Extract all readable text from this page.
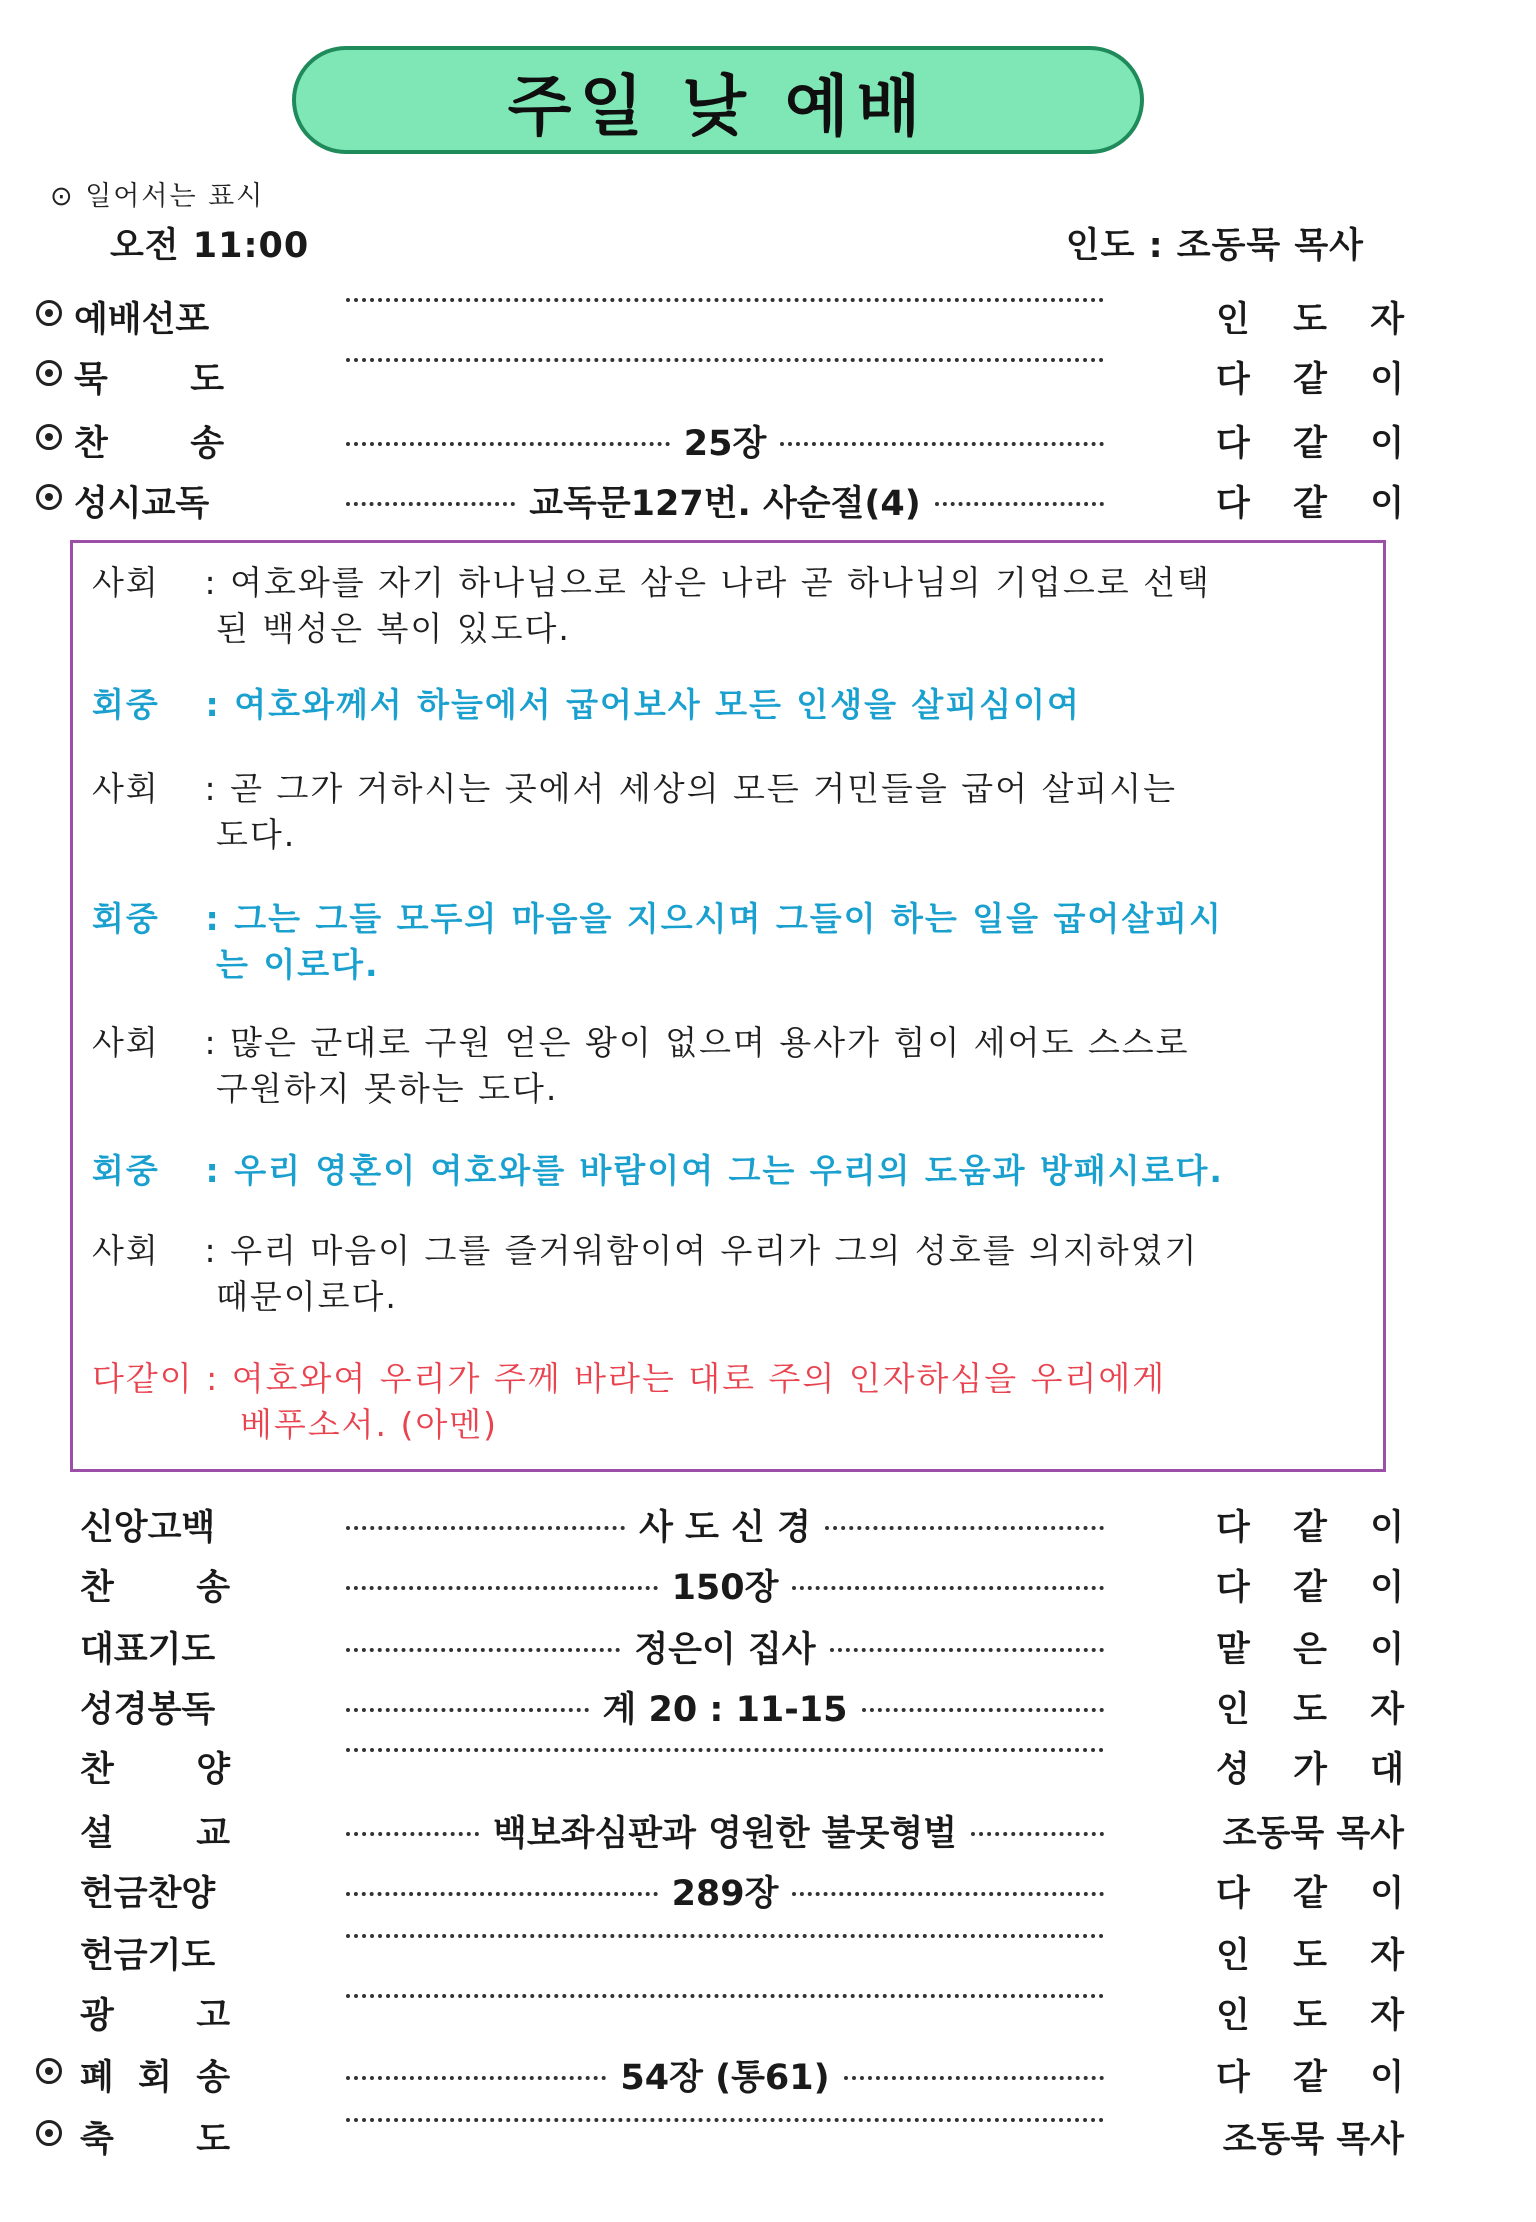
주일 낮 예배
⊙ 일어서는 표시
오전 11:00	인도 : 조동묵 목사
예배선포	인 도 자
묵 도	다 같 이
찬 송	25장	다 같 이
성시교독	교독문127번. 사순절(4)	다 같 이
사회 : 여호와를 자기 하나님으로 삼은 나라 곧 하나님의 기업으로 선택
된 백성은 복이 있도다.
회중 : 여호와께서 하늘에서 굽어보사 모든 인생을 살피심이여
사회 : 곧 그가 거하시는 곳에서 세상의 모든 거민들을 굽어 살피시는
도다.
회중 : 그는 그들 모두의 마음을 지으시며 그들이 하는 일을 굽어살피시
는 이로다.
사회 : 많은 군대로 구원 얻은 왕이 없으며 용사가 힘이 세어도 스스로
구원하지 못하는 도다.
회중 : 우리 영혼이 여호와를 바람이여 그는 우리의 도움과 방패시로다.
사회 : 우리 마음이 그를 즐거워함이여 우리가 그의 성호를 의지하였기
때문이로다.
다같이 : 여호와여 우리가 주께 바라는 대로 주의 인자하심을 우리에게
베푸소서. (아멘)
신앙고백	사 도 신 경	다 같 이
찬 송	150장	다 같 이
대표기도	정은이 집사	맡 은 이
성경봉독	계 20 : 11-15	인 도 자
찬 양	성 가 대
설 교	백보좌심판과 영원한 불못형벌	조동묵 목사
헌금찬양	289장	다 같 이
헌금기도	인 도 자
광 고	인 도 자
폐 회 송	54장 (통61)	다 같 이
축 도	조동묵 목사
